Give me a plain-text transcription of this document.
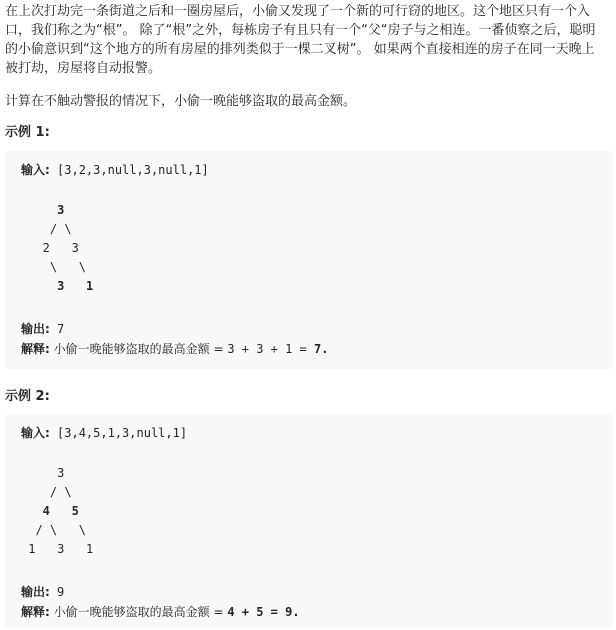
在上次打劫完一条街道之后和一圈房屋后，小偷又发现了一个新的可行窃的地区。这个地区只有一个入口，我们称之为“根”。 除了“根”之外，每栋房子有且只有一个“父“房子与之相连。一番侦察之后，聪明的小偷意识到“这个地方的所有房屋的排列类似于一棵二叉树”。 如果两个直接相连的房子在同一天晚上被打劫，房屋将自动报警。

计算在不触动警报的情况下，小偷一晚能够盗取的最高金额。

示例 1:

输入: [3,2,3,null,3,null,1]
3
/ \
2   3
\   \
3   1
输出: 7
解释: 小偷一晚能够盗取的最高金额 = 3 + 3 + 1 = 7.

示例 2:

输入: [3,4,5,1,3,null,1]
3
/ \
4   5
/ \   \
1   3   1
输出: 9
解释: 小偷一晚能够盗取的最高金额 = 4 + 5 = 9.
